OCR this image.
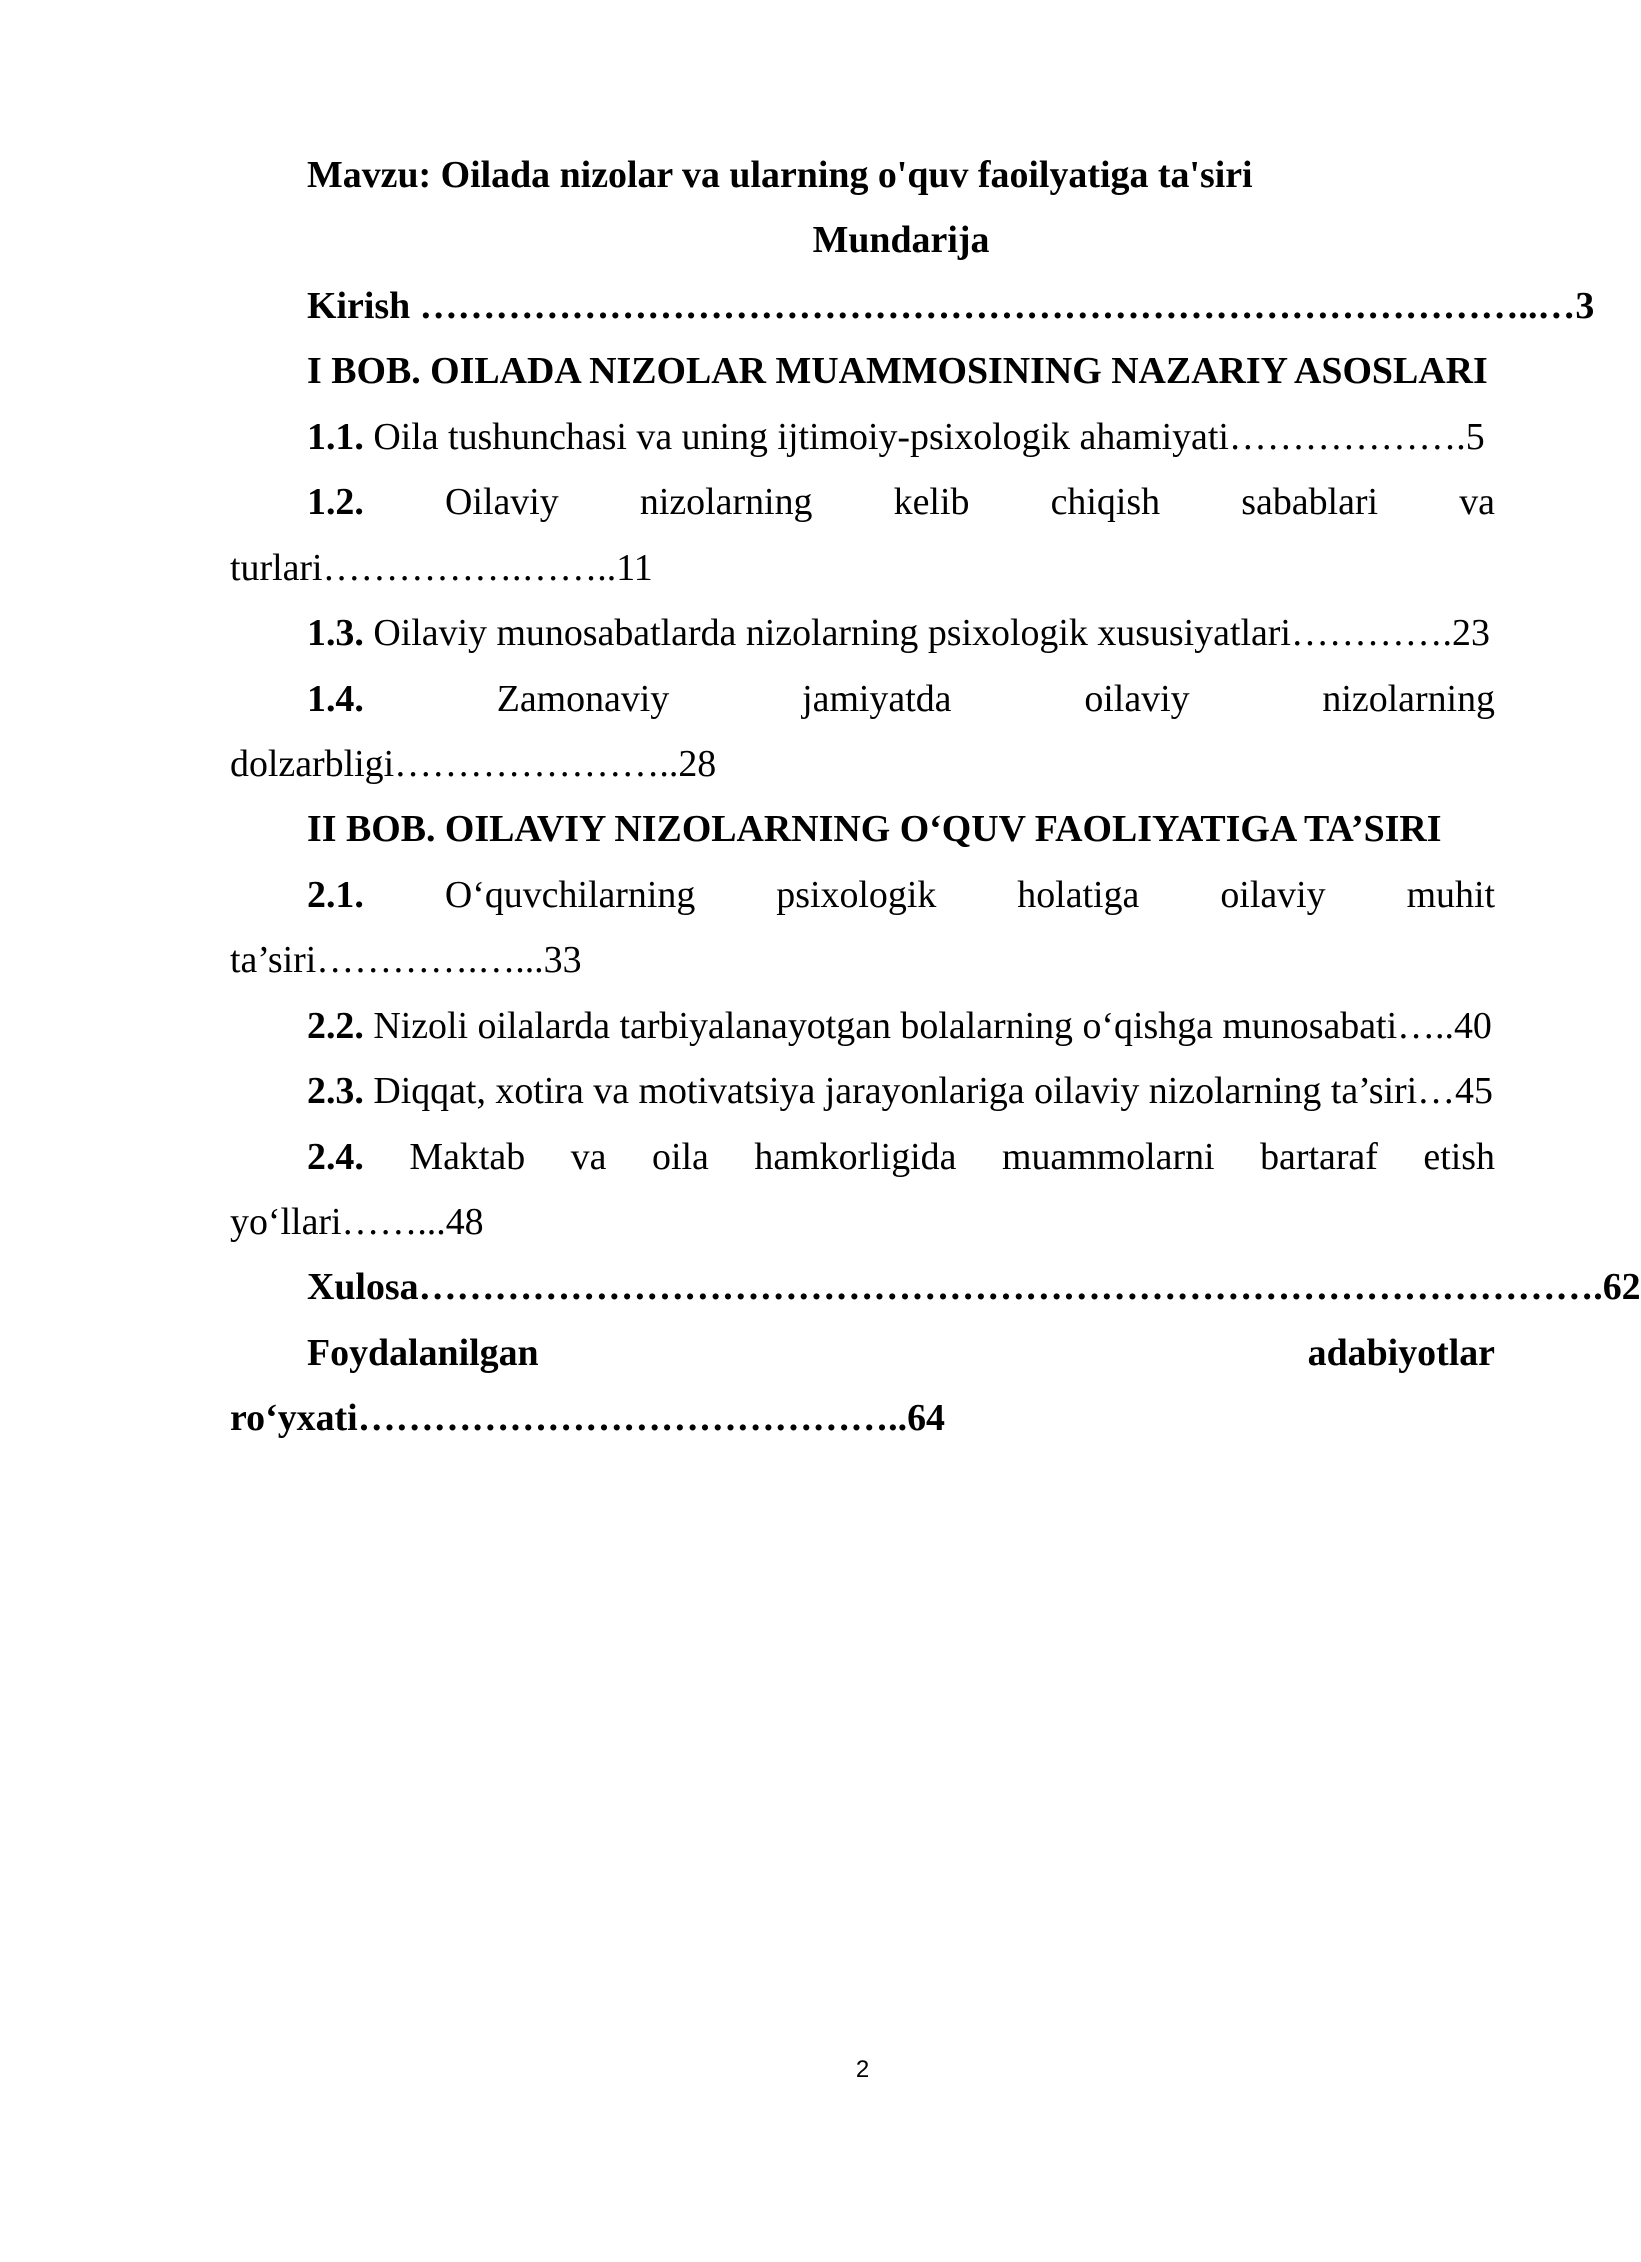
Mavzu: Oilada nizolar va ularning o'quv faoilyatiga ta'siri
Mundarija
Kirish ……………………………………………………………………………..…3
I BOB. OILADA NIZOLAR MUAMMOSINING NAZARIY ASOSLARI
1.1. Oila tushunchasi va uning ijtimoiy-psixologik ahamiyati……………….5
1.2. Oilaviy nizolarning kelib chiqish sabablari va
turlari…………….……..11
1.3. Oilaviy munosabatlarda nizolarning psixologik xususiyatlari………….23
1.4.	Zamonaviy jamiyatda oilaviy nizolarning
dolzarbligi…………………..28
II BOB. OILAVIY NIZOLARNING O‘QUV FAOLIYATIGA TA’SIRI
2.1. O‘quvchilarning psixologik holatiga oilaviy muhit
ta’siri………….…...33
2.2. Nizoli oilalarda tarbiyalanayotgan bolalarning o‘qishga munosabati…..40
2.3. Diqqat, xotira va motivatsiya jarayonlariga oilaviy nizolarning ta’siri…45
2.4. Maktab va oila hamkorligida muammolarni bartaraf etish
yo‘llari……...48
Xulosa………………………………………………………………………………….62
Foydalanilgan adabiyotlar
ro‘yxati……………………………………..64
2
